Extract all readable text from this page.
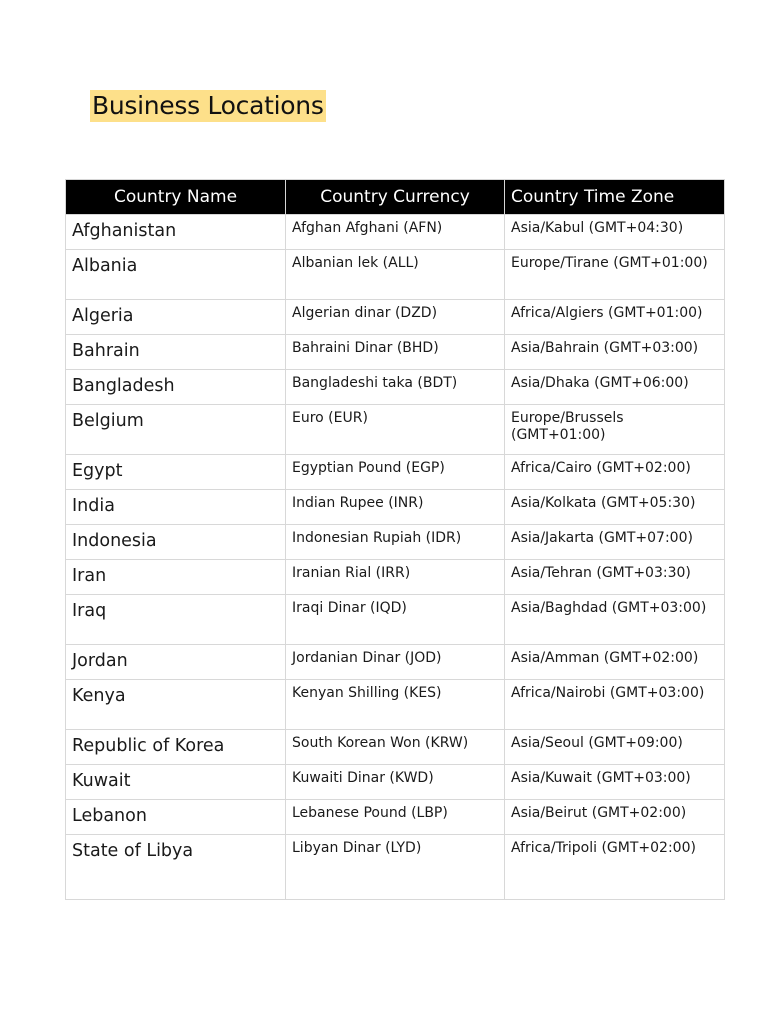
Business Locations
Country Name	Country Currency	Country Time Zone
Afghanistan	Afghan Afghani (AFN)	Asia/Kabul (GMT+04:30)
Albania	Albanian lek (ALL)	Europe/Tirane (GMT+01:00)
Algeria	Algerian dinar (DZD)	Africa/Algiers (GMT+01:00)
Bahrain	Bahraini Dinar (BHD)	Asia/Bahrain (GMT+03:00)
Bangladesh	Bangladeshi taka (BDT)	Asia/Dhaka (GMT+06:00)
Belgium	Euro (EUR)	Europe/Brussels (GMT+01:00)
Egypt	Egyptian Pound (EGP)	Africa/Cairo (GMT+02:00)
India	Indian Rupee (INR)	Asia/Kolkata (GMT+05:30)
Indonesia	Indonesian Rupiah (IDR)	Asia/Jakarta (GMT+07:00)
Iran	Iranian Rial (IRR)	Asia/Tehran (GMT+03:30)
Iraq	Iraqi Dinar (IQD)	Asia/Baghdad (GMT+03:00)
Jordan	Jordanian Dinar (JOD)	Asia/Amman (GMT+02:00)
Kenya	Kenyan Shilling (KES)	Africa/Nairobi (GMT+03:00)
Republic of Korea	South Korean Won (KRW)	Asia/Seoul (GMT+09:00)
Kuwait	Kuwaiti Dinar (KWD)	Asia/Kuwait (GMT+03:00)
Lebanon	Lebanese Pound (LBP)	Asia/Beirut (GMT+02:00)
State of Libya	Libyan Dinar (LYD)	Africa/Tripoli (GMT+02:00)
